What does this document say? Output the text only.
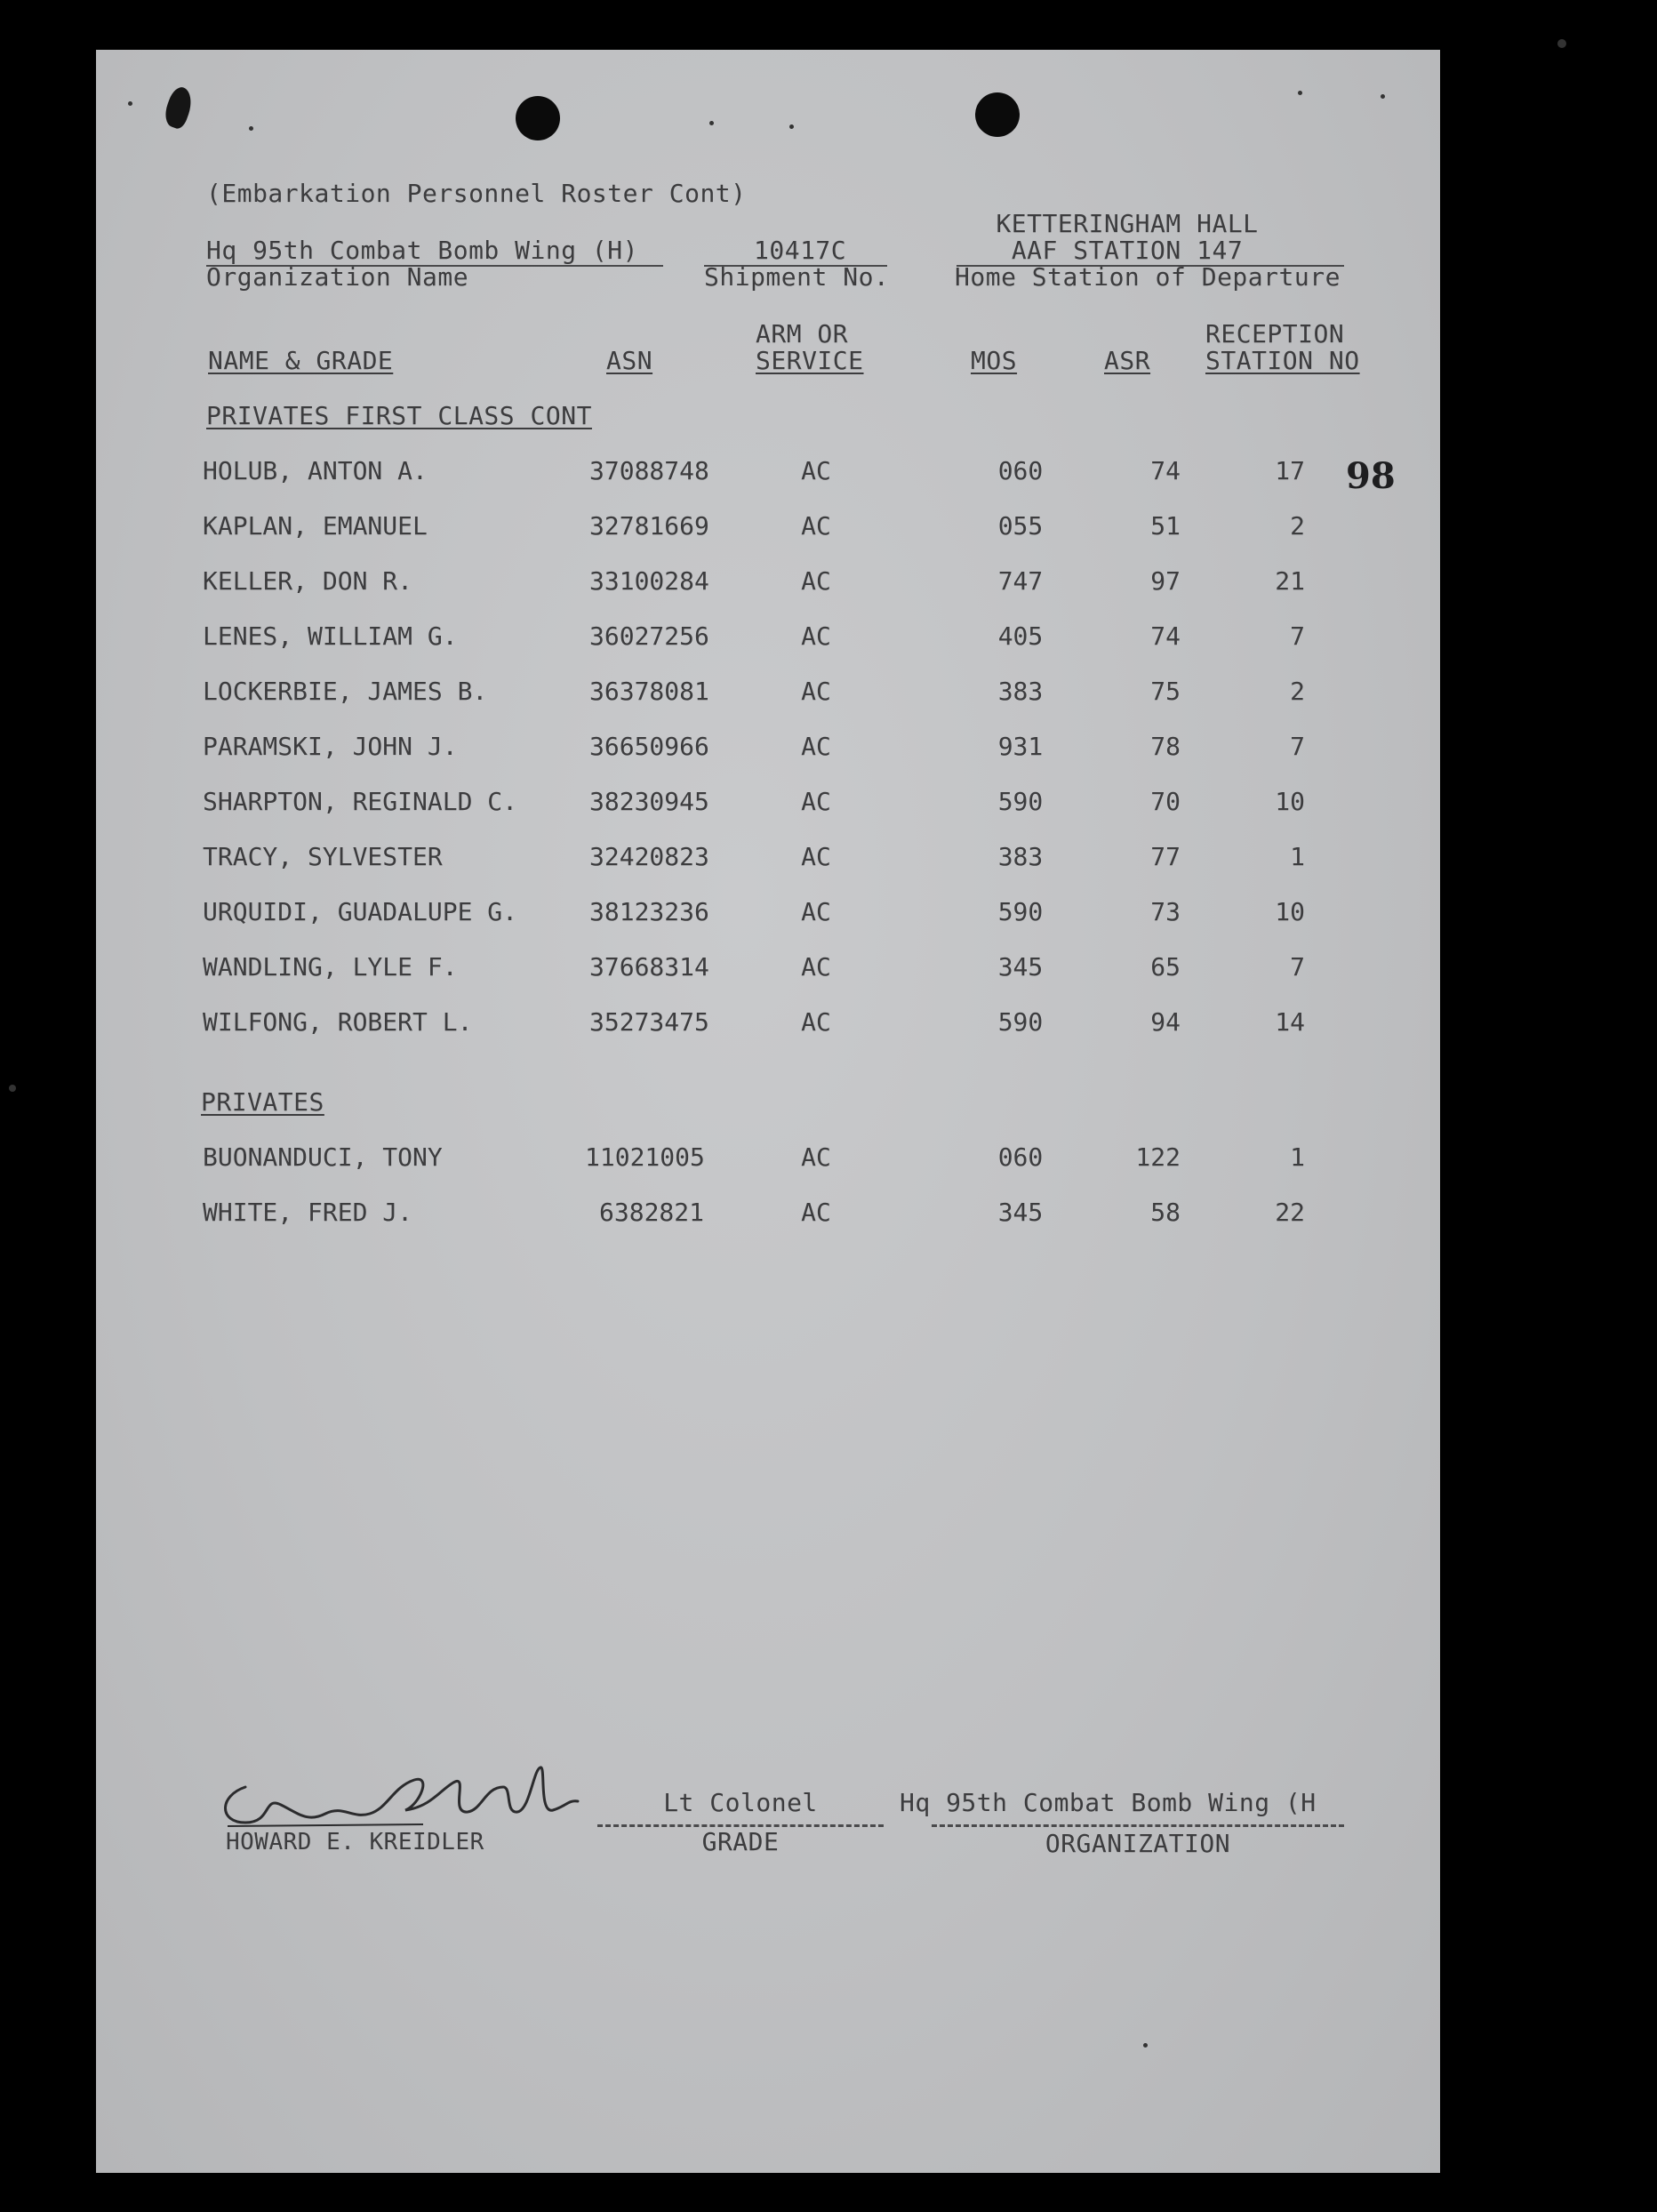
(Embarkation Personnel Roster Cont)
KETTERINGHAM HALL
Hq 95th Combat Bomb Wing (H)	10417C	AAF STATION 147
Organization Name	Shipment No.	Home Station of Departure
ARM OR	RECEPTION
NAME & GRADE	ASN	SERVICE	MOS	ASR STATION NO
98
PRIVATES FIRST CLASS CONT
HOLUB, ANTON A.	37088748	AC	060	74	17
KAPLAN, EMANUEL	32781669	AC	055	51	2
KELLER, DON R.	33100284	AC	747	97	21
LENES, WILLIAM G.	36027256	AC	405	74	7
LOCKERBIE, JAMES B.	36378081	AC	383	75	2
PARAMSKI, JOHN J.	36650966	AC	931	78	7
SHARPTON, REGINALD C.	38230945	AC	590	70	10
TRACY, SYLVESTER	32420823	AC	383	77	1
URQUIDI, GUADALUPE G.	38123236	AC	590	73	10
WANDLING, LYLE F.	37668314	AC	345	65	7
WILFONG, ROBERT L.	35273475	AC	590	94	14
PRIVATES
BUONANDUCI, TONY	11021005	AC	060	122	1
WHITE, FRED J.	6382821	AC	345	58	22
HOWARD E. KREIDLER
Lt Colonel
GRADE
Hq 95th Combat Bomb Wing (H
ORGANIZATION
